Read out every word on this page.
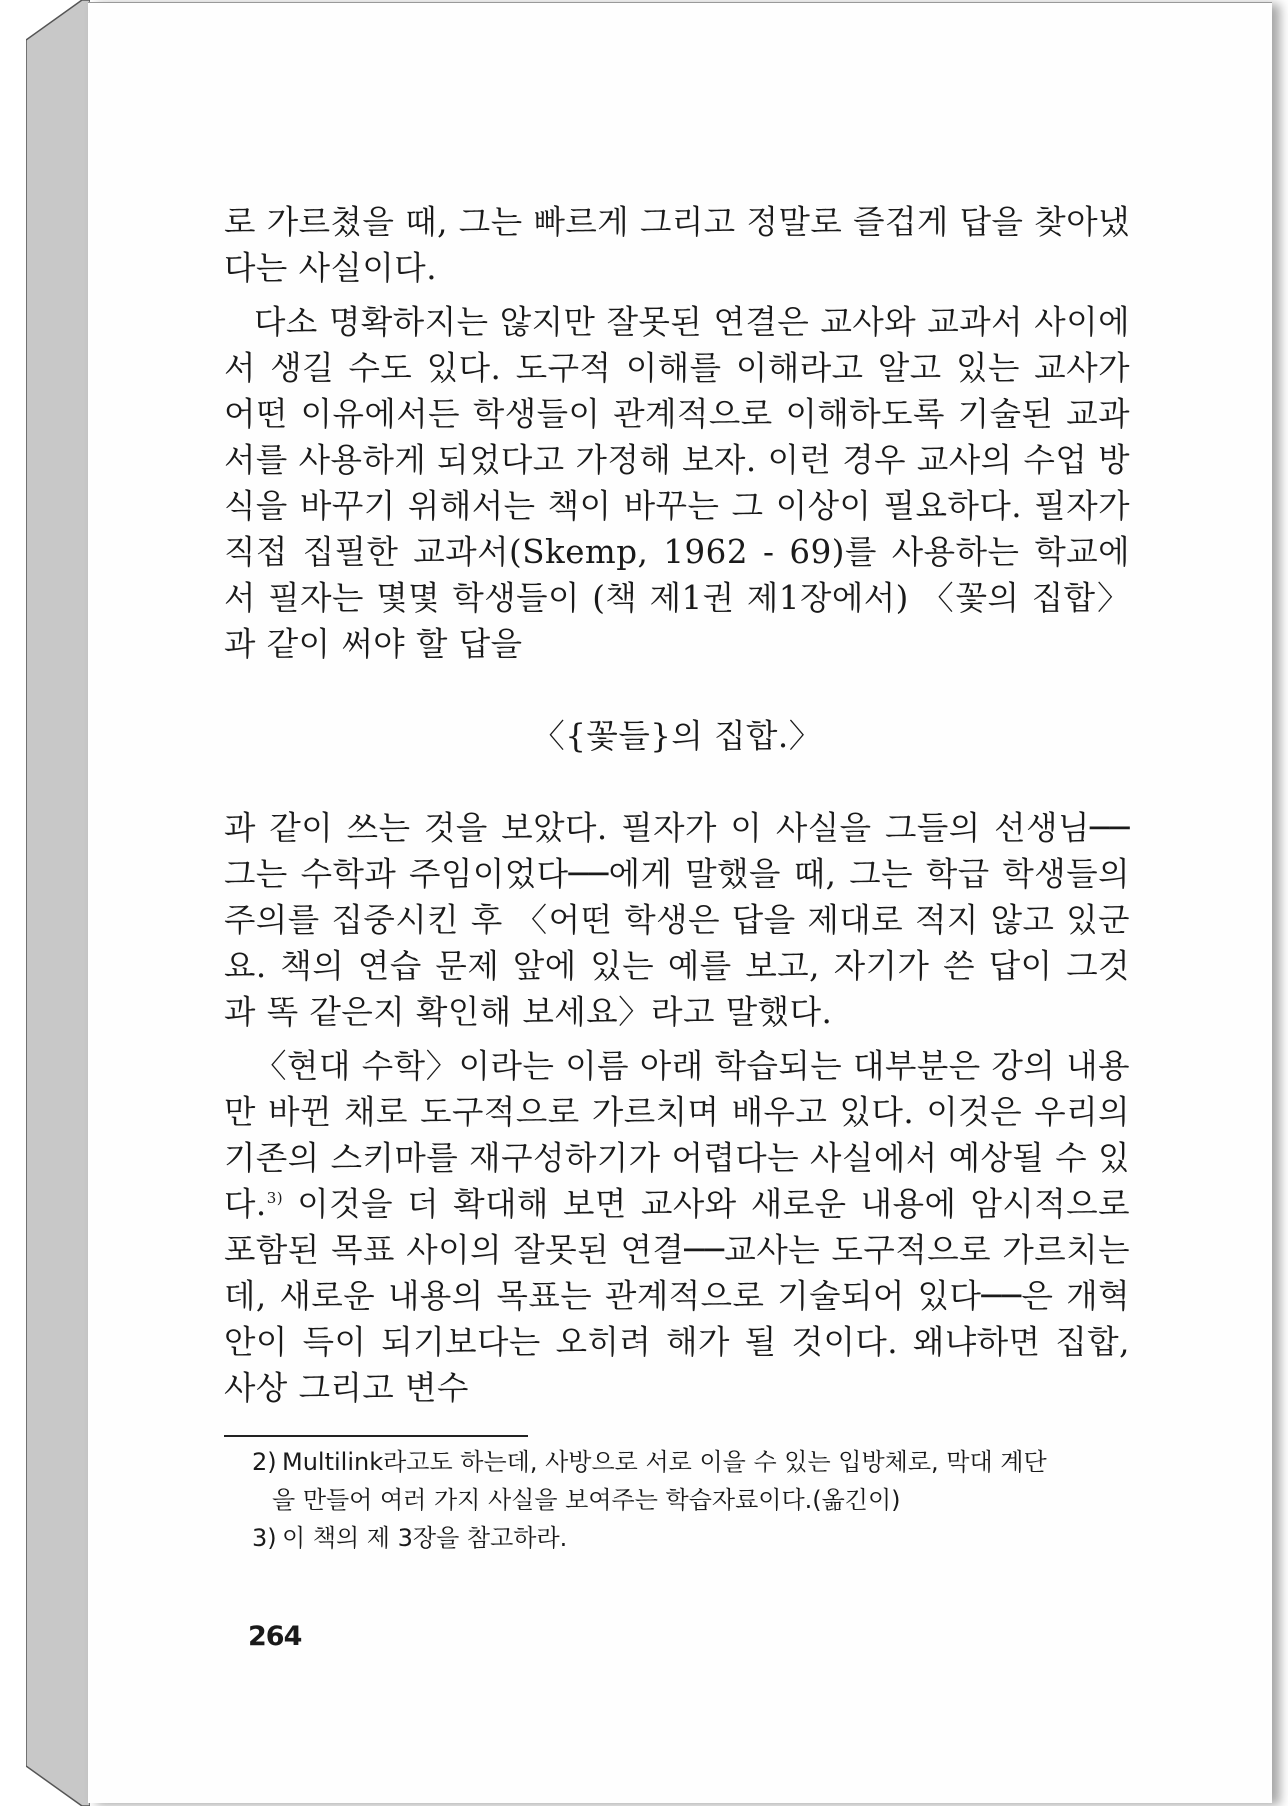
로 가르쳤을 때, 그는 빠르게 그리고 정말로 즐겁게 답을 찾아냈다는 사실이다.

다소 명확하지는 않지만 잘못된 연결은 교사와 교과서 사이에서 생길 수도 있다. 도구적 이해를 이해라고 알고 있는 교사가 어떤 이유에서든 학생들이 관계적으로 이해하도록 기술된 교과서를 사용하게 되었다고 가정해 보자. 이런 경우 교사의 수업 방식을 바꾸기 위해서는 책이 바꾸는 그 이상이 필요하다. 필자가 직접 집필한 교과서(Skemp, 1962 - 69)를 사용하는 학교에서 필자는 몇몇 학생들이 (책 제1권 제1장에서) 〈꽃의 집합〉과 같이 써야 할 답을

〈{꽃들}의 집합.〉

과 같이 쓰는 것을 보았다. 필자가 이 사실을 그들의 선생님──그는 수학과 주임이었다──에게 말했을 때, 그는 학급 학생들의 주의를 집중시킨 후 〈어떤 학생은 답을 제대로 적지 않고 있군요. 책의 연습 문제 앞에 있는 예를 보고, 자기가 쓴 답이 그것과 똑 같은지 확인해 보세요〉라고 말했다.

〈현대 수학〉이라는 이름 아래 학습되는 대부분은 강의 내용만 바뀐 채로 도구적으로 가르치며 배우고 있다. 이것은 우리의 기존의 스키마를 재구성하기가 어렵다는 사실에서 예상될 수 있다.$^{3)}$ 이것을 더 확대해 보면 교사와 새로운 내용에 암시적으로 포함된 목표 사이의 잘못된 연결──교사는 도구적으로 가르치는데, 새로운 내용의 목표는 관계적으로 기술되어 있다──은 개혁안이 득이 되기보다는 오히려 해가 될 것이다. 왜냐하면 집합, 사상 그리고 변수

2) Multilink라고도 하는데, 사방으로 서로 이을 수 있는 입방체로, 막대 계단

을 만들어 여러 가지 사실을 보여주는 학습자료이다.(옮긴이)

3) 이 책의 제 3장을 참고하라.

264
